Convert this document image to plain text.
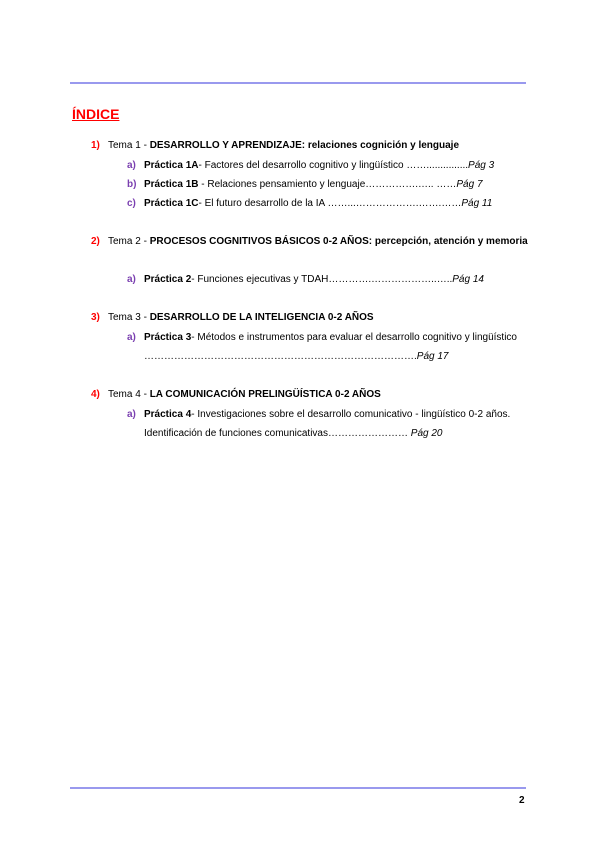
ÍNDICE
1) Tema 1 - DESARROLLO Y APRENDIZAJE: relaciones cognición y lenguaje
a) Práctica 1A- Factores del desarrollo cognitivo y lingüístico ……...............Pág 3
b) Práctica 1B - Relaciones pensamiento y lenguaje…………….….. ……Pág 7
c) Práctica 1C- El futuro desarrollo de la IA ……...……………….…….……Pág 11
2) Tema 2 - PROCESOS COGNITIVOS BÁSICOS 0-2 AÑOS: percepción, atención y memoria
a) Práctica 2- Funciones ejecutivas y TDAH………….………………..…..Pág 14
3) Tema 3 - DESARROLLO DE LA INTELIGENCIA 0-2 AÑOS
a) Práctica 3- Métodos e instrumentos para evaluar el desarrollo cognitivo y lingüístico ……………………………………………………………………….Pág 17
4) Tema 4 - LA COMUNICACIÓN PRELINGÜÍSTICA 0-2 AÑOS
a) Práctica 4- Investigaciones sobre el desarrollo comunicativo - lingüístico 0-2 años. Identificación de funciones comunicativas…………………… Pág 20
2
